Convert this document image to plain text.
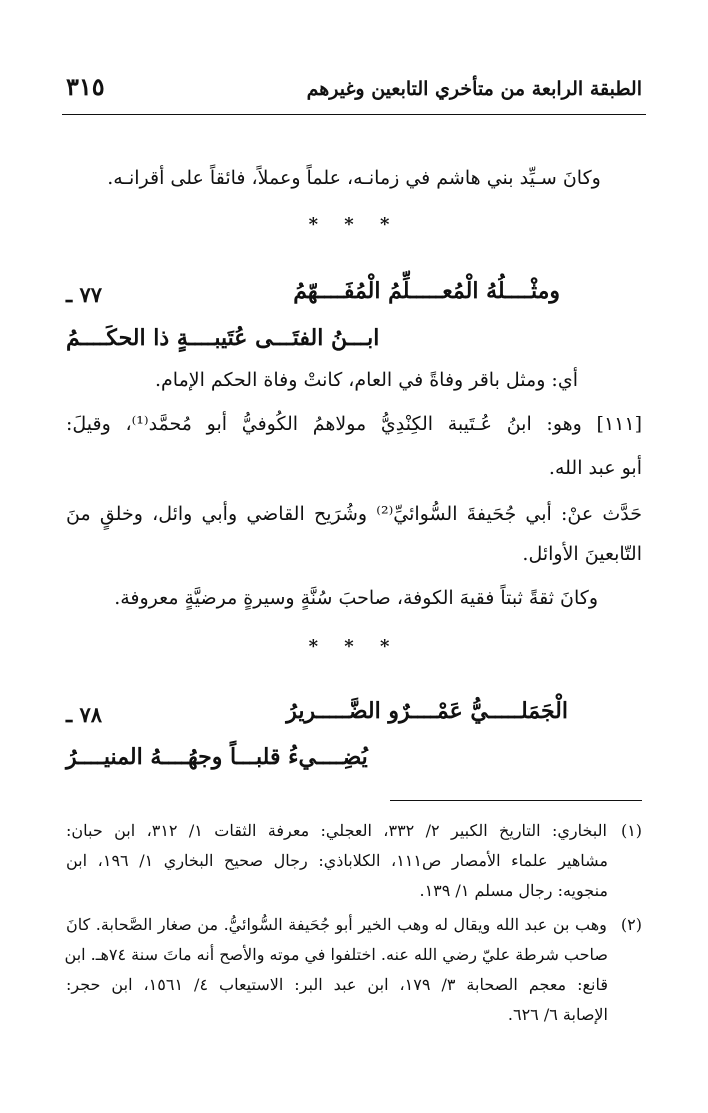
الطبقة الرابعة من متأخري التابعين وغيرهم
٣١٥
وكانَ سـيِّد بني هاشم في زمانـه، علماً وعملاً، فائقاً على أقرانـه.
* * *
٧٧ ـ	ومثْــــلُهُ الْمُعـــــلِّمُ الْمُفَــــهّمُ
ابـــنُ الفتَـــى عُتَيبــــةٍ ذا الحكَــــمُ
أي: ومثل باقر وفاةً في العام، كانتْ وفاة الحكم الإمام.
[١١١] وهو: ابنُ عُـتَيبة الكِنْدِيُّ مولاهمُ الكُوفيُّ أبو مُحمَّد⁽¹⁾، وقيلَ:
أبو عبد الله.
حَدَّث عنْ: أبي جُحَيفةَ السُّوائيِّ⁽²⁾ وشُرَيح القاضي وأبي وائل، وخلقٍ منَ
التّابعينَ الأوائل.
وكانَ ثقةً ثبتاً فقيهَ الكوفة، صاحبَ سُنَّةٍ وسيرةٍ مرضيَّةٍ معروفة.
* * *
٧٨ ـ	الْجَمَلـــــيُّ عَمْــــرٌو الضَّـــــريرُ
يُضِــــيءُ قلبـــاً وجهُــــهُ المنيــــرُ
(١)البخاري: التاريخ الكبير ٢/ ٣٣٢، العجلي: معرفة الثقات ١/ ٣١٢، ابن حبان:
مشاهير علماء الأمصار ص١١١، الكلاباذي: رجال صحيح البخاري ١/ ١٩٦، ابن
منجويه: رجال مسلم ١/ ١٣٩.
(٢)وهب بن عبد الله ويقال له وهب الخير أبو جُحَيفة السُّوائيُّ. من صغار الصَّحابة. كانَ
صاحب شرطة عليّ رضي الله عنه. اختلفوا في موته والأصح أنه ماتَ سنة ٧٤هـ. ابن
قانع: معجم الصحابة ٣/ ١٧٩، ابن عبد البر: الاستيعاب ٤/ ١٥٦١، ابن حجر:
الإصابة ٦/ ٦٢٦.
